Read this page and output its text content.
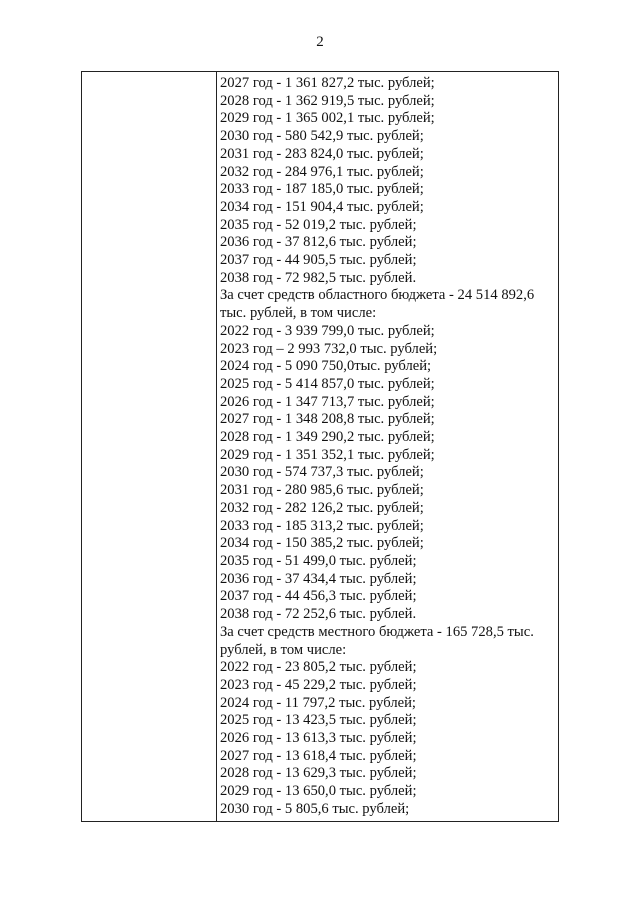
2
2027 год - 1 361 827,2 тыс. рублей;
2028 год - 1 362 919,5 тыс. рублей;
2029 год - 1 365 002,1 тыс. рублей;
2030 год - 580 542,9 тыс. рублей;
2031 год - 283 824,0 тыс. рублей;
2032 год - 284 976,1 тыс. рублей;
2033 год - 187 185,0 тыс. рублей;
2034 год - 151 904,4 тыс. рублей;
2035 год - 52 019,2 тыс. рублей;
2036 год - 37 812,6 тыс. рублей;
2037 год - 44 905,5 тыс. рублей;
2038 год - 72 982,5 тыс. рублей.
За счет средств областного бюджета - 24 514 892,6
тыс. рублей, в том числе:
2022 год - 3 939 799,0 тыс. рублей;
2023 год – 2 993 732,0 тыс. рублей;
2024 год - 5 090 750,0тыс. рублей;
2025 год - 5 414 857,0 тыс. рублей;
2026 год - 1 347 713,7 тыс. рублей;
2027 год - 1 348 208,8 тыс. рублей;
2028 год - 1 349 290,2 тыс. рублей;
2029 год - 1 351 352,1 тыс. рублей;
2030 год - 574 737,3 тыс. рублей;
2031 год - 280 985,6 тыс. рублей;
2032 год - 282 126,2 тыс. рублей;
2033 год - 185 313,2 тыс. рублей;
2034 год - 150 385,2 тыс. рублей;
2035 год - 51 499,0 тыс. рублей;
2036 год - 37 434,4 тыс. рублей;
2037 год - 44 456,3 тыс. рублей;
2038 год - 72 252,6 тыс. рублей.
За счет средств местного бюджета - 165 728,5 тыс.
рублей, в том числе:
2022 год - 23 805,2 тыс. рублей;
2023 год - 45 229,2 тыс. рублей;
2024 год - 11 797,2 тыс. рублей;
2025 год - 13 423,5 тыс. рублей;
2026 год - 13 613,3 тыс. рублей;
2027 год - 13 618,4 тыс. рублей;
2028 год - 13 629,3 тыс. рублей;
2029 год - 13 650,0 тыс. рублей;
2030 год - 5 805,6 тыс. рублей;
